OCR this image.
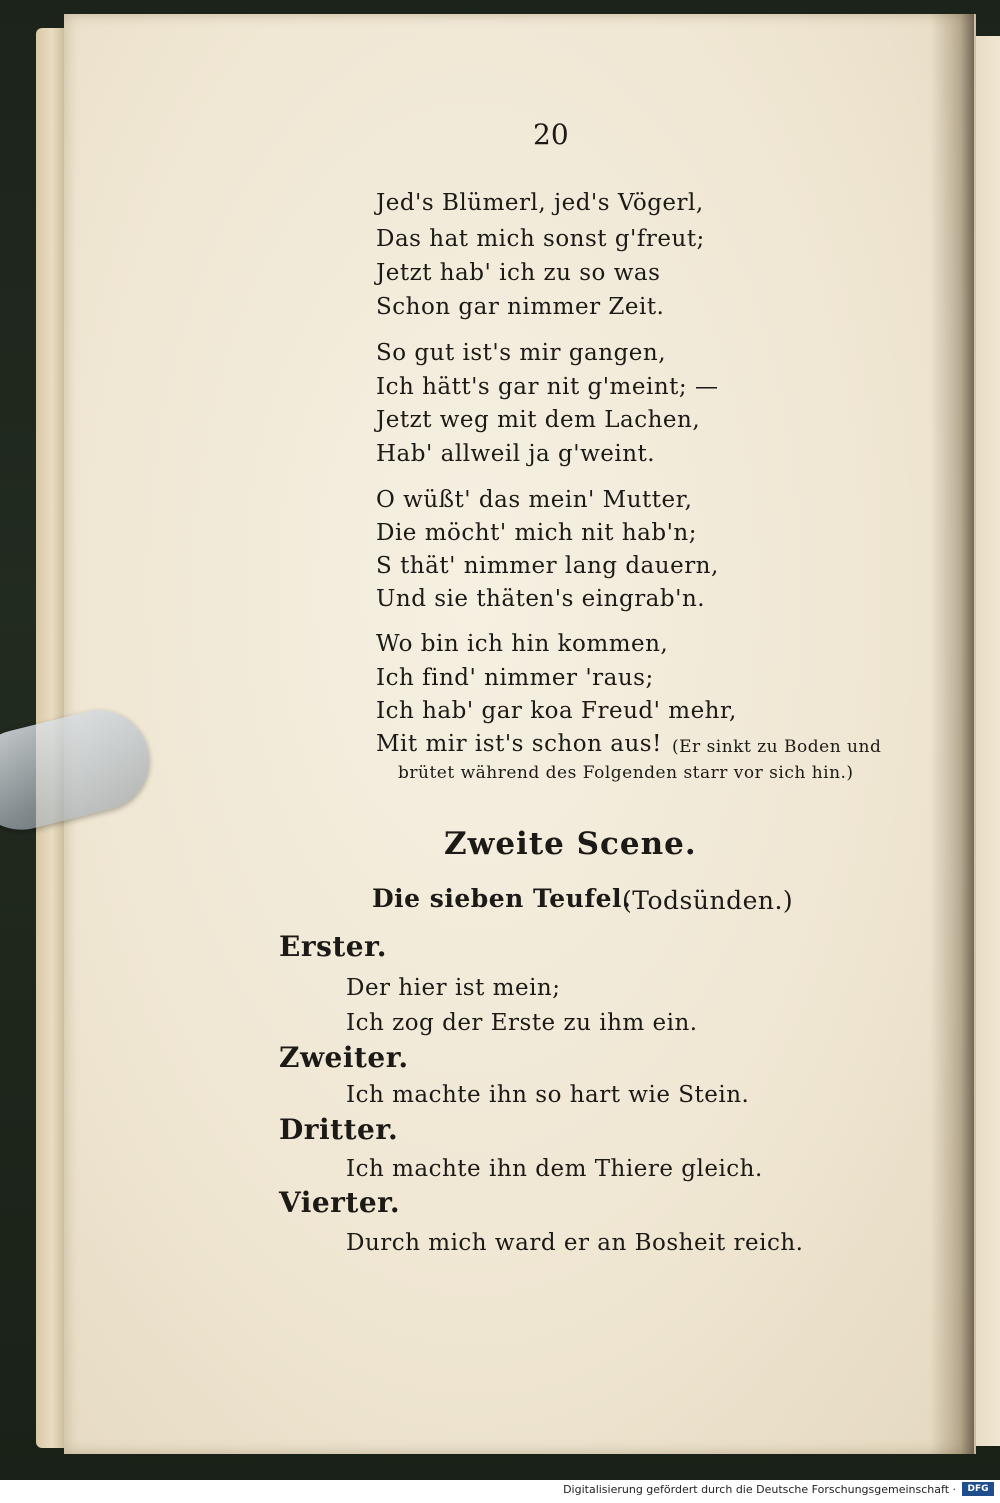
20
Jed's Blümerl, jed's Vögerl,
Das hat mich sonst g'freut;
Jetzt hab' ich zu so was
Schon gar nimmer Zeit.
So gut ist's mir gangen,
Ich hätt's gar nit g'meint; —
Jetzt weg mit dem Lachen,
Hab' allweil ja g'weint.
O wüßt' das mein' Mutter,
Die möcht' mich nit hab'n;
S thät' nimmer lang dauern,
Und sie thäten's eingrab'n.
Wo bin ich hin kommen,
Ich find' nimmer 'raus;
Ich hab' gar koa Freud' mehr,
Mit mir ist's schon aus! (Er sinkt zu Boden und
brütet während des Folgenden starr vor sich hin.)
Zweite Scene.
Die sieben Teufel.
(Todsünden.)
Erster.
Der hier ist mein;
Ich zog der Erste zu ihm ein.
Zweiter.
Ich machte ihn so hart wie Stein.
Dritter.
Ich machte ihn dem Thiere gleich.
Vierter.
Durch mich ward er an Bosheit reich.
Digitalisierung gefördert durch die Deutsche Forschungsgemeinschaft ·	DFG
